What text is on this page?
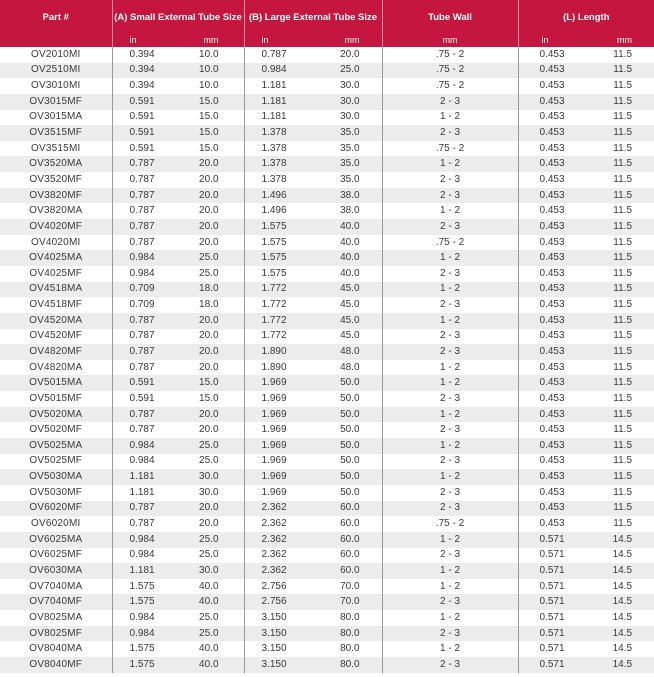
Part #	(A) Small External Tube Size		(B) Large External Tube Size		Tube Wall	(L) Length	
	in	mm	in	mm	mm	in	mm
OV2010MI	0.394	10.0	0.787	20.0	.75 - 2	0.453	11.5
OV2510MI	0.394	10.0	0.984	25.0	.75 - 2	0.453	11.5
OV3010MI	0.394	10.0	1.181	30.0	.75 - 2	0.453	11.5
OV3015MF	0.591	15.0	1.181	30.0	2 - 3	0.453	11.5
OV3015MA	0.591	15.0	1.181	30.0	1 - 2	0.453	11.5
OV3515MF	0.591	15.0	1.378	35.0	2 - 3	0.453	11.5
OV3515MI	0.591	15.0	1.378	35.0	.75 - 2	0.453	11.5
OV3520MA	0.787	20.0	1.378	35.0	1 - 2	0.453	11.5
OV3520MF	0.787	20.0	1.378	35.0	2 - 3	0.453	11.5
OV3820MF	0.787	20.0	1.496	38.0	2 - 3	0.453	11.5
OV3820MA	0.787	20.0	1.496	38.0	1 - 2	0.453	11.5
OV4020MF	0.787	20.0	1.575	40.0	2 - 3	0.453	11.5
OV4020MI	0.787	20.0	1.575	40.0	.75 - 2	0.453	11.5
OV4025MA	0.984	25.0	1.575	40.0	1 - 2	0.453	11.5
OV4025MF	0.984	25.0	1.575	40.0	2 - 3	0.453	11.5
OV4518MA	0.709	18.0	1.772	45.0	1 - 2	0.453	11.5
OV4518MF	0.709	18.0	1.772	45.0	2 - 3	0.453	11.5
OV4520MA	0.787	20.0	1.772	45.0	1 - 2	0.453	11.5
OV4520MF	0.787	20.0	1.772	45.0	2 - 3	0.453	11.5
OV4820MF	0.787	20.0	1.890	48.0	2 - 3	0.453	11.5
OV4820MA	0.787	20.0	1.890	48.0	1 - 2	0.453	11.5
OV5015MA	0.591	15.0	1.969	50.0	1 - 2	0.453	11.5
OV5015MF	0.591	15.0	1.969	50.0	2 - 3	0.453	11.5
OV5020MA	0.787	20.0	1.969	50.0	1 - 2	0.453	11.5
OV5020MF	0.787	20.0	1.969	50.0	2 - 3	0.453	11.5
OV5025MA	0.984	25.0	1.969	50.0	1 - 2	0.453	11.5
OV5025MF	0.984	25.0	1.969	50.0	2 - 3	0.453	11.5
OV5030MA	1.181	30.0	1.969	50.0	1 - 2	0.453	11.5
OV5030MF	1.181	30.0	1.969	50.0	2 - 3	0.453	11.5
OV6020MF	0.787	20.0	2.362	60.0	2 - 3	0.453	11.5
OV6020MI	0.787	20.0	2.362	60.0	.75 - 2	0.453	11.5
OV6025MA	0.984	25.0	2.362	60.0	1 - 2	0.571	14.5
OV6025MF	0.984	25.0	2.362	60.0	2 - 3	0.571	14.5
OV6030MA	1.181	30.0	2.362	60.0	1 - 2	0.571	14.5
OV7040MA	1.575	40.0	2.756	70.0	1 - 2	0.571	14.5
OV7040MF	1.575	40.0	2.756	70.0	2 - 3	0.571	14.5
OV8025MA	0.984	25.0	3.150	80.0	1 - 2	0.571	14.5
OV8025MF	0.984	25.0	3.150	80.0	2 - 3	0.571	14.5
OV8040MA	1.575	40.0	3.150	80.0	1 - 2	0.571	14.5
OV8040MF	1.575	40.0	3.150	80.0	2 - 3	0.571	14.5
